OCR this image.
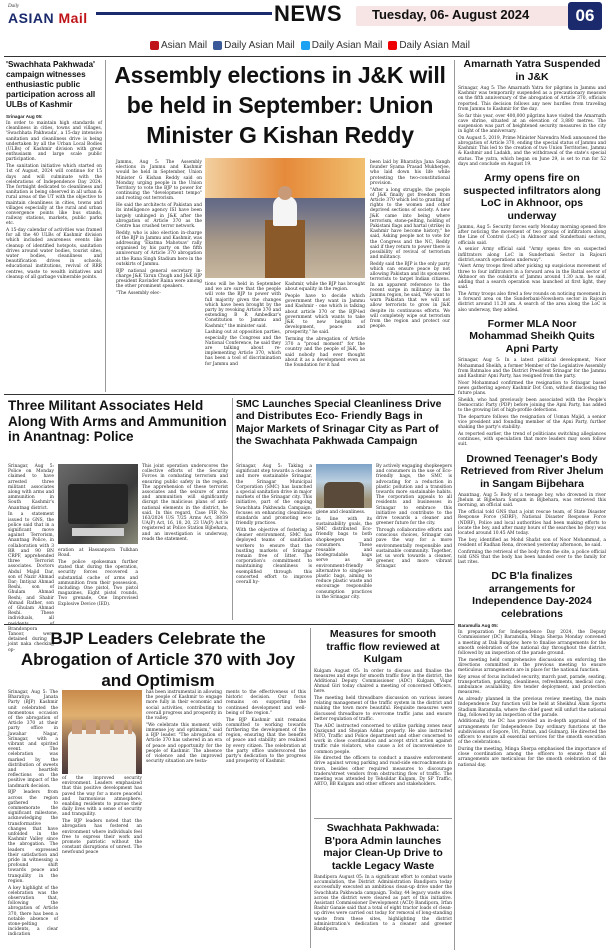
Daily
ASIAN Mail	NEWS Tuesday, 06- August 2024	06
Asian Mail Daily Asian Mail Daily Asian Mail Daily Asian Mail
'Swachhata Pakhwada' campaign witnesses enthusiastic public participation across all ULBs of Kashmir
Srinagar Aug 05:

In order to maintain high standards of cleanliness in cities, towns and villages, 'Swachhata Pakhwada', a 15-day intensive sanitation and cleanliness drive is being undertaken by all the Urban Local Bodies (ULBs) of Kashmir division with great enthusiasm and large scale public participation.

The sanitation initiative which started on 1st of August, 2024 will continue for 15 days and will culminate with the celebrations of Independence Day 2024. The fortnight dedicated to cleanliness and sanitation is being observed in all urban & rural areas of the UT with the objective to maintain cleanliness in cities, towns and villages especially at the rural and urban convergence points like bus stands, railway stations, markets, public parks etc.

A 15-day calendar of activities was framed for all the 40 ULBs of Kashmir division which included awareness events like cleanup of identified hotspots, sanitation drives around water bodies, tourist sites, water bodies, cleanliness and beautification drives in schools, educational institutions, revival of RRR centres, waste to wealth initiatives and cleanup of all garbage vulnerable points.

Assembly elections in J&K will be held in September: Union Minister G Kishan Reddy

Jammu, Aug 5: The Assembly elections in Jammu and Kashmir would be held in September, Union Minister G Kishan Reddy said on Monday, urging people in the Union Territory to vote the BJP to power for continuing the "development tempo" and rooting out terrorism.

He said the architects of Pakistan and its intelligence agency ISI have been largely unhinged in J&K after the abrogation of Article 370 as the Centre has crushed terror network.

Reddy, who is also election in-charge of the BJP in Jammu and Kashmir, was addressing 'Ekatma Mahotsav' rally organised by his party on the fifth anniversary of Article 370 abrogation at the Rana Singh Stadium here in the outskirts of Jammu.

BJP national general secretary in-charge J&K Tarun Chugh and J&K BJP president Ravinder Raina were among the other prominent speakers.

"The Assembly elec-

tions will be held in September and we are sure that the people will vote the BJP to power with full majority given the changes which have been brought by the party by revoking Article 370 and extending B R Ambedkar's Constitution to Jammu and Kashmir," the minister said.

Lashing out at opposition parties, especially the Congress and the National Conference, he said they are talking about re-implementing Article 370, which has been a tool of discrimination for Jammu and

Kashmir, while the BJP has brought about equality in the region.

People have to decide which government they want in Jammu and Kashmir - one which is talking about article 370 or the BJP-led government which wants to take J&K to new heights of development, peace and prosperity," he said.

Terming the abrogation of Article 370 a "proud moment" for the country and the people of J&K, he said nobody had ever thought about it as a development even as the foundation for it had

been laid by Bharatiya Jana Sangh founder Syama Prasad Mukherjee, who laid down his life while protesting the two-constitutional provision.

"After a long struggle, the people of J&K finally got freedom from Article 370 which led to granting of rights to the women and other deprived sections of society. A new J&K came into being where terrorism, stone-pelting, holding of Pakistani flags and hartal (strike) in Kashmir have become history," he said, Asking people not to vote for the Congress and the NC, Reddy said if they return to power there is possibility of revival of terrorism and militancy.

Reddy said the BJP is the only party which can ensure peace by not allowing Pakistan and its sponsored terrorists to target Indian citizens. In an apparent reference to the recent surge in militancy in the Jammu region, he said, "We want to warn Pakistan that we will not allow terrorists to grow in J&K despite its continuous efforts. We will completely wipe out terrorism from the region and protect our people.

Amarnath Yatra Suspended in J&K

Srinagar, Aug 5: The Amarnath Yatra for pilgrims in Jammu and Kashmir was temporarily suspended as a precautionary measure on the fifth anniversary of the abrogation of Article 370, officials reported. This decision follows any new hurdles from traveling from Jammu to Kashmir for the day.

So far this year, over 400,000 pilgrims have visited the Amarnath cave shrine, situated at an elevation of 3,880 metres. The suspension was part of heightened security measures in the city in light of the anniversary.

On August 5, 2019, Prime Minister Narendra Modi announced the abrogation of Article 370, ending the special status of Jammu and Kashmir. This led to the creation of two Union Territories, Jammu & Kashmir and Ladakh, and the withdrawal of the state's special status. The yatra, which began on June 29, is set to run for 52 days and conclude on August 19.

Army opens fire on suspected infiltrators along LoC in Akhnoor, ops underway

Jammu, Aug 5: Security forces early Monday morning opened fire after noticing the movement of two groups of infiltrators along the Line of Control (LoC) in Akhnoor and Sunderbani sectors, officials said.

A senior Army official said "Army opens fire on suspected infiltrators along LoC in Sunderbani Sector in Rajouri district,search operations underway".

"Alert Army troops fired after picking up suspicious movement of three to four infiltrators in a forward area in the Battal sector of Akhnoor on the outskirts of Jammu around 1.30 a.m. he said, adding that a search operation was launched at first light, they said.

The Army troops also fired a few rounds on noticing movement in a forward area on the Sunderbani-Nowshera sector in Rajouri district around 11.20 am. A search of the area along the LoC is also underway, they added.

Former MLA Noor Mohammad Sheikh Quits Apni Party

Srinagar, Aug 5: In a latest political development, Noor Mohammad Sheikh, a former Member of the Legislative Assembly from Batmaloo and the District President Srinagar for the Jammu and Kashmir Apni Party, has resigned from the party.

Noor Mohammad confirmed the resignation to Srinagar based news gathering agency Kashmir Dot Com, without disclosing the future plans.

Sheikh, who had previously been associated with the People's Democratic Party (PDP) before joining the Apni Party, has added to the growing list of high-profile defections.

The departure follows the resignation of Usman Majid, a senior vice president and founding member of the Apni Party, further shaking the party's stability.

As reported earlier, the trend of politicians switching allegiances continues, with speculation that more leaders may soon follow suit.

Drowned Teenager's Body Retrieved from River Jhelum in Sangam Bijbehara

Anantnag, Aug 5: Body of a teenage boy, who drowned in river Jhelum at Bijbehara Sangam in Bijbehara, was retrieved this morning, an official said.

The official told GNS that a joint rescue team, of State Disaster Response Force (SDRF), National Disaster Response Force (NDRF), Police and local authorities had been making efforts to locate the boy, and after many hours of the searches he (boy) was located around 10.45 AM today.

The boy, identified as Mohd Shafat son of Noor Mohammad, a resident of Radhan Rena, drowned yesterday afternoon, he said.

Confirming the retrieval of the body from the site, a police official told GNS that the body has been handed over to the family for last rites.

DC B'la finalizes arrangements for Independence Day-2024 celebrations
Baramulla Aug 05:

In preparation for Independence Day 2024, the Deputy Commissioner (DC) Baramulla, Minga Sherpa Monday convened a meeting at Dak Bunglow, here to finalise arrangements for the smooth celebration of the national day throughout the district, followed by an inspection of the parade ground.

The meeting held comprehensive discussions on enforcing the directions committed in the previous meeting to ensure meticulous arrangements are in place for the national function.

Key areas of focus included security, march past, parade, seating, transportation, parking, cleanliness, refreshments, medical care, ambulance availability, fire tender deployment, and protection measures.

As already planned in the previous review meeting, the main Independence Day function will be held at Sheikhul Alam Sports Stadium Baramulla, where the chief guest will unfurl the national flag, followed by an inspection of the parade.

Additionally, the DC has provided an in-depth appraisal of the arrangements for Independence Day ordinary functions at the subdivisions of Sopore, Uri, Pattan, and Gulmarg. He directed the officers to ensure all essential services for the smooth execution of the celebrations.

During the meeting, Minga Sherpa emphasised the importance of close coordination among the officers to ensure that all arrangements are meticulous for the smooth celebration of the national day.

Three Militant Associates Held Along With Arms and Ammunition in Anantnag: Police

Srinagar, Aug 5: Police on Monday claimed to have arrested three militant associates along with arms and ammunition in South Kashmir's Anantnag district.

In a statement issued to GNS, the police said that in a significant move against Terrorism, Anantnag Police, in collaboration with 3 RR and 90 BN CRPF, apprehended three Terrorist associates. Doctors Abdul Majid Dar, son of Nazir Ahmad Dar; Imtiyaz Ahmad Reshi, son of Ghulam Ahmad Reshi; and Shabir Ahmad Rather, son of Ghulam Ahmad Reshi. These individuals, all Brandonpora Tanoor, were detained during a joint naka checking op-

eration at Hassanpora Tulkhan Road.

The police spokesman further stated that during the operation, security forces recovered a substantial cache of arms and ammunition from their possession, including: One pistol, Two pistol magazines, Eight pistol rounds, Two grenade, One Improvised Explosive Device (IED).

This joint operation underscores the collective efforts of the Security Forces in combating terrorism and ensuring public safety in the region. The apprehension of these terrorist associates and the seizure of arms and ammunition will significantly disrupt the malicious plans of anti-national elements in the district, he said. In this regard, Case FIR No. 163/2024 U/S 7/25 Arms Act, 38/39 UA(P) Act, 16, 18, 20, 23 UA(P) Act is registered at Police Station Bijbehara, and an investigation is underway, reads the statement.

SMC Launches Special Cleanliness Drive and Distributes Eco- Friendly Bags in Major Markets of Srinagar City as Part of the Swachhata Pakhwada Campaign

Srinagar, Aug 5: Taking a significant step towards a cleaner and more sustainable Srinagar, the Srinagar Municipal Corporation (SMC) has launched a special sanitation drive in major markets of the Srinagar city. This initiative, part of the ongoing Swachhata Pakhwada Campaign, focuses on enhancing cleanliness standards and promoting eco-friendly practices.

With the objective of fostering a cleaner environment, SMC has deployed teams of sanitation workers to ensure that the bustling markets of Srinagar remain free of litter. The corporation's commitment to maintaining cleanliness is exemplified through this concerted effort to improve overall hy-

giene and cleanliness.

In line with its sustainability goals, the SMC distributed Eco-friendly bags to both shopkeepers and consumers. These reusable and biodegradable bags serve as an environment-friendly alternative to single-use plastic bags, aiming to reduce plastic waste and encourage responsible consumption practices in the Srinagar city.

By actively engaging shopkeepers and consumers in the use of Eco-friendly bags, the SMC is advocating for a reduction in plastic pollution and a transition towards more sustainable habits. The corporation appeals to all residents and businesses in Srinagar to embrace this initiative and contribute to the drive towards a cleaner and greener future for the city.

Through collaborative efforts and conscious choices, Srinagar can pave the way for a more environmentally responsible and sustainable community. Together, let us work towards a cleaner, greener, and more vibrant Srinagar.

BJP Leaders Celebrate the Abrogation of Article 370 with Joy and Optimism

Srinagar, Aug 5: The Bharatiya Janata Party (BJP) Kashmir unit celebrated the momentous occasion of the abrogation of Article 370 at their party office in Jawahar Nagar, Srinagar, with a vibrant and spirited event. The celebration was marked by the distribution of sweets and heartfelt reflections on the positive impact of the landmark decision.

BJP leaders from across the region gathered to commemorate the significant milestone, acknowledging the transformative changes that have unfolded in the Kashmir Valley since the abrogation. The leaders expressed their satisfaction and pride in witnessing a profound shift towards peace and tranquility in the region.

A key highlight of the celebration was the observation that, following the abrogation of Article 370, there has been a notable absence of stone-pelting incidents, a clear indication

of the improved security environment. Leaders emphasized that this positive development has paved the way for a more peaceful and harmonious atmosphere, enabling residents to pursue their daily lives with a sense of security and tranquility.

The BJP leaders noted that the abrogation has fostered an environment where individuals feel free to express their work and promote patriotic without the constant disruptions of unrest. The newfound peace

has been instrumental in allowing the people of Kashmir to engage more fully in their economic and social activities, contributing to overall progress and prosperity in the valley.

"We celebrate this moment with immense joy and optimism," said a BJP leader. "The abrogation of Article 370 has ushered in an era of peace and opportunity for the people of Kashmir. The absence of violence and the improved security situation are testa-

ments to the effectiveness of this historic decision. Our focus remains on supporting the continued development and well-being of the region."

The BJP Kashmir unit remains committed to working towards furthering the development of the region, ensuring that the benefits of peace and stability are realized by every citizen. The celebration at the party office underscored the party's dedication to the progress and prosperity of Kashmir.

Measures for smooth traffic flow reviewed at Kulgam

Kulgam August 05: In order to discuss and finalise the measures and steps for smooth traffic flow in the district, the Additional Deputy Commissioner (ADC) Kulgam, Viqar Ahmad Giri today chaired a meeting of concerned Officers, here.

The meeting held threadbare discussion on various issues relating management of the traffic system in the district and making the town more beautiful. Requisite measures were discussed threadbare to overcome traffic jams and ensure better regulation of traffic.

The ADC instructed concerned to utilize parking zones near Qaziqund and Shopian Addas properly. He also instructed MTO, Traffic and Police department and other concerned to work in close coordination and accept strict action against traffic rule violators, who cause a lot of inconvenience to common people.

He directed the officers to conduct a massive enforcement drive against wrong parking and road-side encroachments in town, besides other required measures to discourage traders/street vendors from obstructing flow of traffic. The meeting was attended by Tehsildar Kulgam, Dy SP Traffic, ARTO, BB Kulgam and other officers and stakeholders.

Swachhata Pakhwada: B'pora Admin launches major Clean-Up Drive to tackle Legacy Waste

Bandipora August 05: In a significant effort to combat waste accumulation, the District Administration Bandipora today successfully executed an ambitious clean-up drive under the Swachhata Pakhwada campaign. Today, 44 legacy waste sites across the district were cleared as part of this initiative. Assistant Commissioner Development (ACD) Bandipora, Irfan Bashir Ganaie said that a total of eight tractor loads of clean-up drives were carried out today for removal of long-standing waste from these sites, highlighting the district administration's dedication to a cleaner and greener Bandipora.
